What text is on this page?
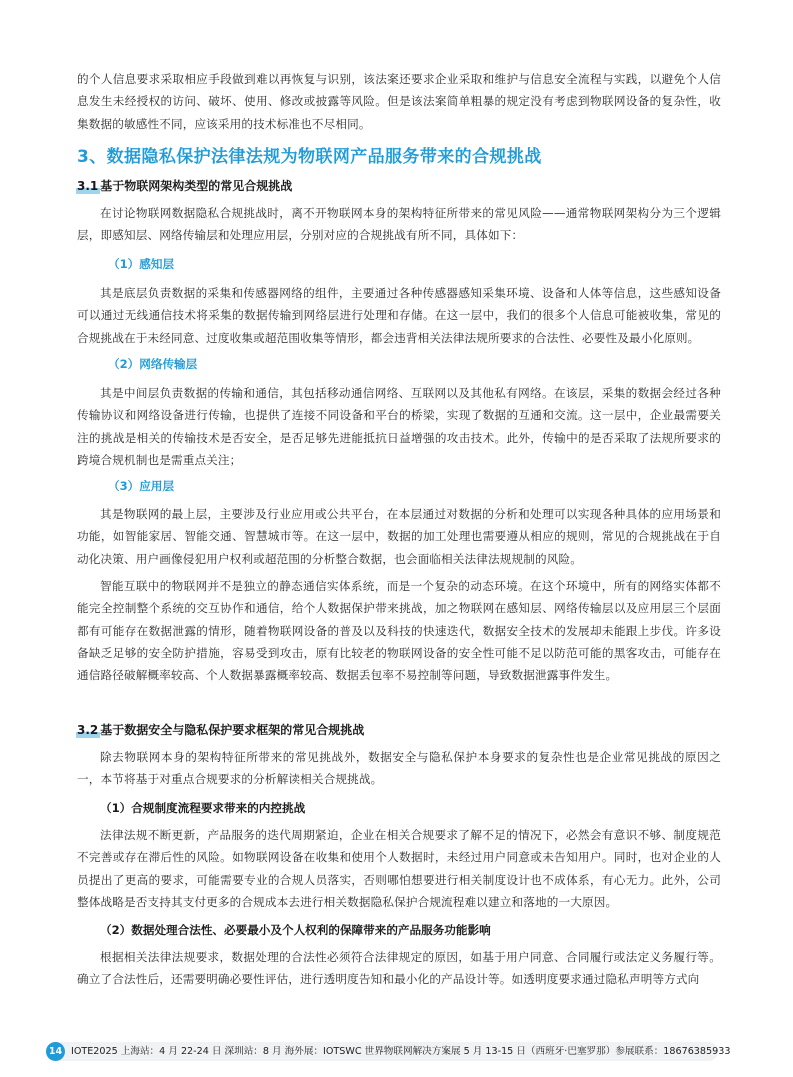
的个人信息要求采取相应手段做到难以再恢复与识别，该法案还要求企业采取和维护与信息安全流程与实践，以避免个人信息发生未经授权的访问、破坏、使用、修改或披露等风险。但是该法案简单粗暴的规定没有考虑到物联网设备的复杂性，收集数据的敏感性不同，应该采用的技术标准也不尽相同。

3、数据隐私保护法律法规为物联网产品服务带来的合规挑战
3.1 基于物联网架构类型的常见合规挑战

在讨论物联网数据隐私合规挑战时，离不开物联网本身的架构特征所带来的常见风险——通常物联网架构分为三个逻辑层，即感知层、网络传输层和处理应用层，分别对应的合规挑战有所不同，具体如下：

（1）感知层

其是底层负责数据的采集和传感器网络的组件，主要通过各种传感器感知采集环境、设备和人体等信息，这些感知设备可以通过无线通信技术将采集的数据传输到网络层进行处理和存储。在这一层中，我们的很多个人信息可能被收集，常见的合规挑战在于未经同意、过度收集或超范围收集等情形，都会违背相关法律法规所要求的合法性、必要性及最小化原则。

（2）网络传输层

其是中间层负责数据的传输和通信，其包括移动通信网络、互联网以及其他私有网络。在该层，采集的数据会经过各种传输协议和网络设备进行传输，也提供了连接不同设备和平台的桥梁，实现了数据的互通和交流。这一层中，企业最需要关注的挑战是相关的传输技术是否安全，是否足够先进能抵抗日益增强的攻击技术。此外，传输中的是否采取了法规所要求的跨境合规机制也是需重点关注；

（3）应用层

其是物联网的最上层，主要涉及行业应用或公共平台，在本层通过对数据的分析和处理可以实现各种具体的应用场景和功能，如智能家居、智能交通、智慧城市等。在这一层中，数据的加工处理也需要遵从相应的规则，常见的合规挑战在于自动化决策、用户画像侵犯用户权利或超范围的分析整合数据，也会面临相关法律法规规制的风险。

智能互联中的物联网并不是独立的静态通信实体系统，而是一个复杂的动态环境。在这个环境中，所有的网络实体都不能完全控制整个系统的交互协作和通信，给个人数据保护带来挑战，加之物联网在感知层、网络传输层以及应用层三个层面都有可能存在数据泄露的情形，随着物联网设备的普及以及科技的快速迭代，数据安全技术的发展却未能跟上步伐。许多设备缺乏足够的安全防护措施，容易受到攻击，原有比较老的物联网设备的安全性可能不足以防范可能的黑客攻击，可能存在通信路径破解概率较高、个人数据暴露概率较高、数据丢包率不易控制等问题，导致数据泄露事件发生。

3.2 基于数据安全与隐私保护要求框架的常见合规挑战

除去物联网本身的架构特征所带来的常见挑战外，数据安全与隐私保护本身要求的复杂性也是企业常见挑战的原因之一，本节将基于对重点合规要求的分析解读相关合规挑战。

（1）合规制度流程要求带来的内控挑战

法律法规不断更新，产品服务的迭代周期紧迫，企业在相关合规要求了解不足的情况下，必然会有意识不够、制度规范不完善或存在滞后性的风险。如物联网设备在收集和使用个人数据时，未经过用户同意或未告知用户。同时，也对企业的人员提出了更高的要求，可能需要专业的合规人员落实，否则哪怕想要进行相关制度设计也不成体系，有心无力。此外，公司整体战略是否支持其支付更多的合规成本去进行相关数据隐私保护合规流程难以建立和落地的一大原因。

（2）数据处理合法性、必要最小及个人权利的保障带来的产品服务功能影响

根据相关法律法规要求，数据处理的合法性必须符合法律规定的原因，如基于用户同意、合同履行或法定义务履行等。确立了合法性后，还需要明确必要性评估，进行透明度告知和最小化的产品设计等。如透明度要求通过隐私声明等方式向

14 IOTE2025 上海站：4 月 22-24 日 深圳站：8 月 海外展：IOTSWC 世界物联网解决方案展 5 月 13-15 日（西班牙·巴塞罗那）参展联系：18676385933
